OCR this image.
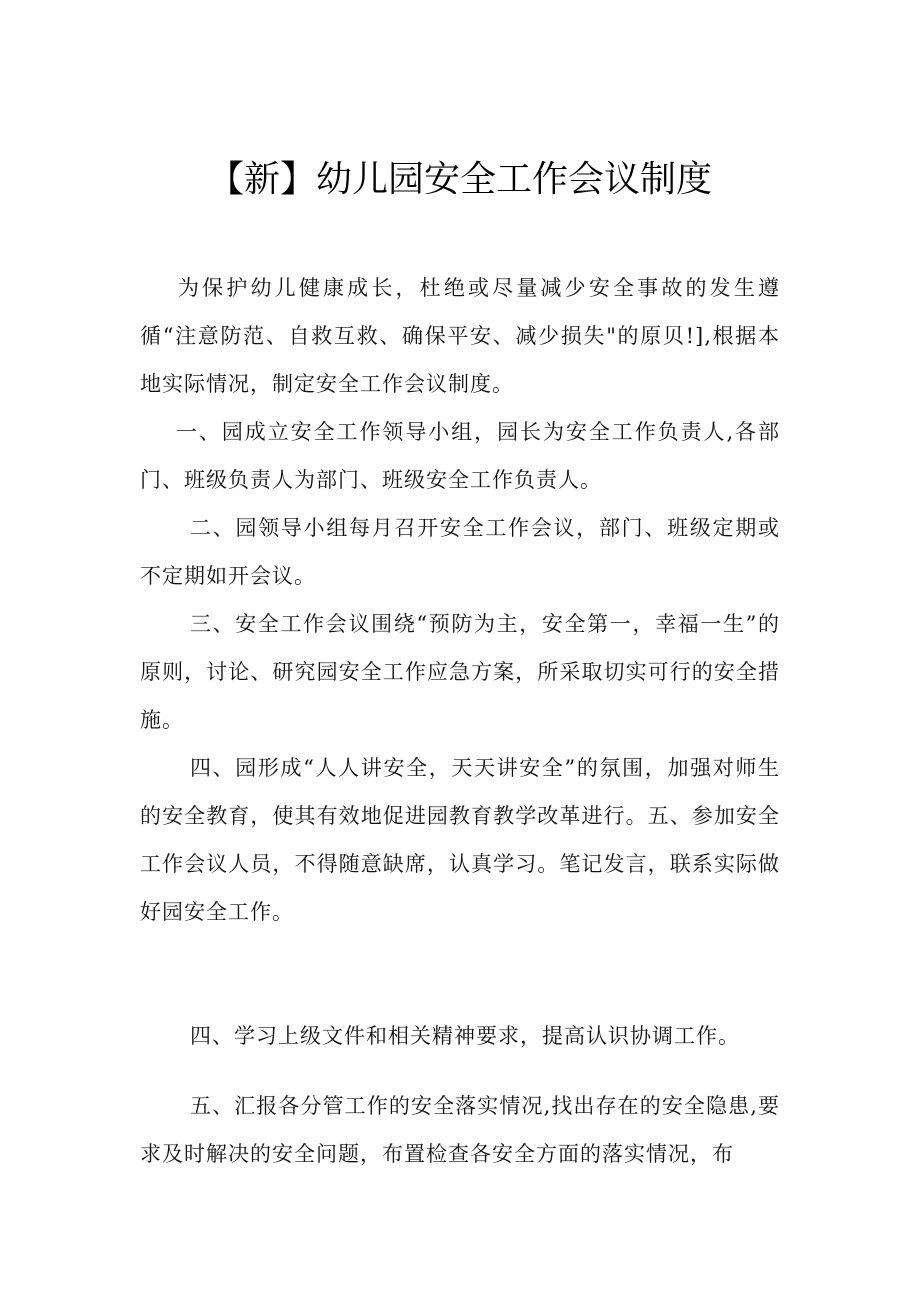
【新】幼儿园安全工作会议制度

为保护幼儿健康成长，杜绝或尽量减少安全事故的发生遵循“注意防范、自救互救、确保平安、减少损失"的原贝!],根据本地实际情况，制定安全工作会议制度。

一、园成立安全工作领导小组，园长为安全工作负责人,各部门、班级负责人为部门、班级安全工作负责人。

二、园领导小组每月召开安全工作会议，部门、班级定期或不定期如开会议。

三、安全工作会议围绕“预防为主，安全第一，幸福一生”的原则，讨论、研究园安全工作应急方案，所采取切实可行的安全措施。

四、园形成“人人讲安全，天天讲安全”的氛围，加强对师生的安全教育，使其有效地促进园教育教学改革进行。五、参加安全工作会议人员，不得随意缺席，认真学习。笔记发言，联系实际做好园安全工作。

四、学习上级文件和相关精神要求，提高认识协调工作。

五、汇报各分管工作的安全落实情况,找出存在的安全隐患,要求及时解决的安全问题，布置检查各安全方面的落实情况，布
